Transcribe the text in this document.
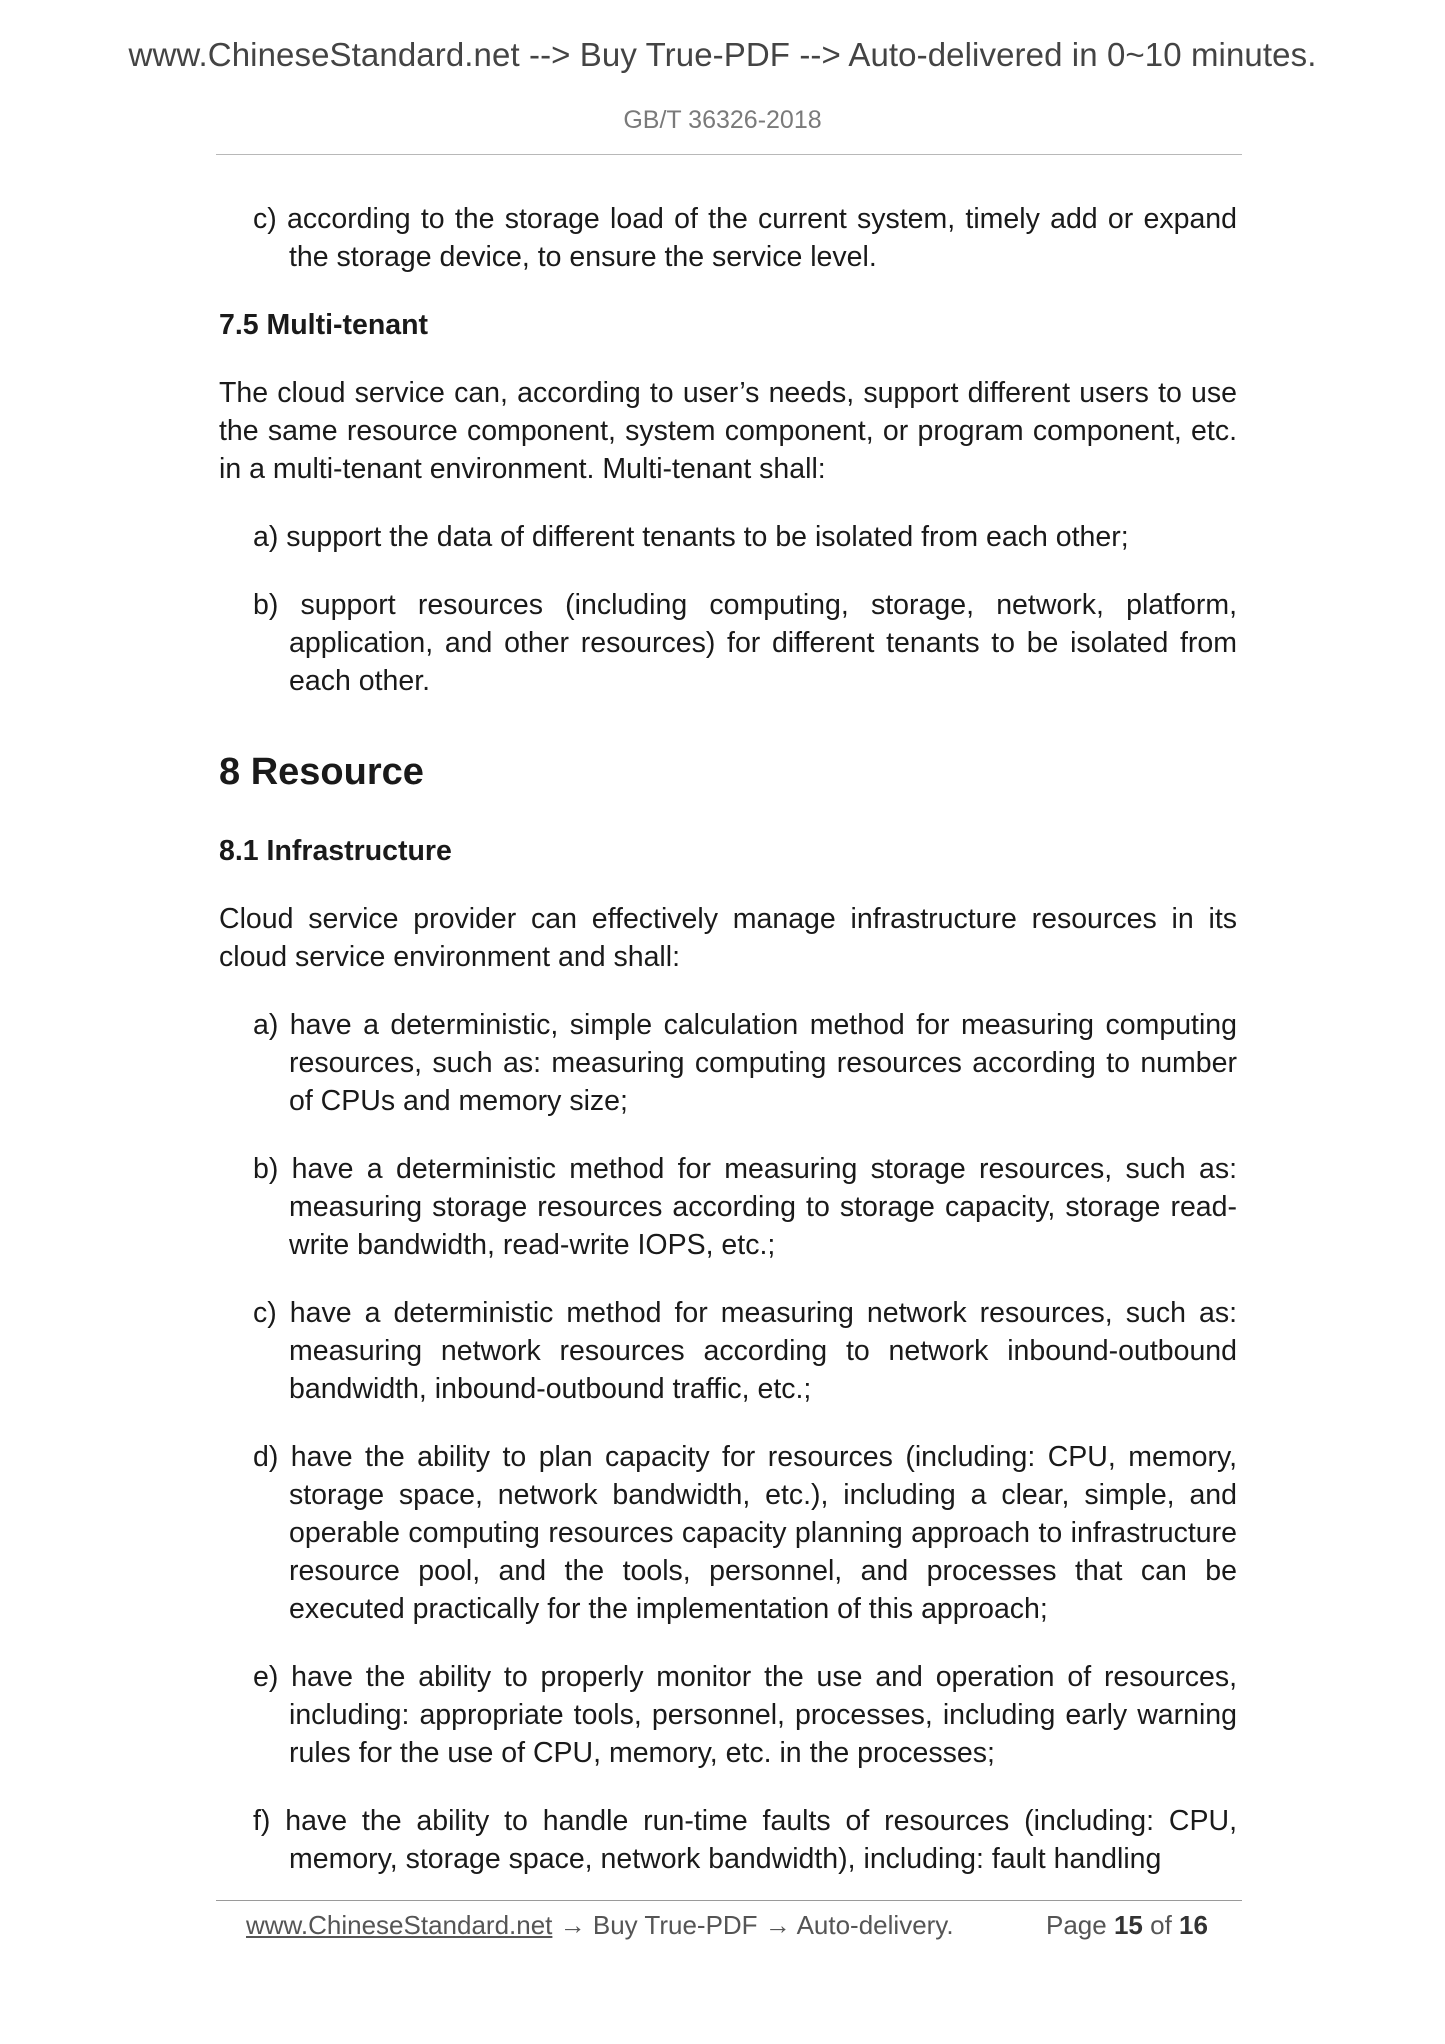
www.ChineseStandard.net --> Buy True-PDF --> Auto-delivered in 0~10 minutes.
GB/T 36326-2018
c) according to the storage load of the current system, timely add or expand the storage device, to ensure the service level.
7.5 Multi-tenant
The cloud service can, according to user’s needs, support different users to use the same resource component, system component, or program component, etc. in a multi-tenant environment. Multi-tenant shall:
a) support the data of different tenants to be isolated from each other;
b) support resources (including computing, storage, network, platform, application, and other resources) for different tenants to be isolated from each other.
8 Resource
8.1 Infrastructure
Cloud service provider can effectively manage infrastructure resources in its cloud service environment and shall:
a) have a deterministic, simple calculation method for measuring computing resources, such as: measuring computing resources according to number of CPUs and memory size;
b) have a deterministic method for measuring storage resources, such as: measuring storage resources according to storage capacity, storage read-write bandwidth, read-write IOPS, etc.;
c) have a deterministic method for measuring network resources, such as: measuring network resources according to network inbound-outbound bandwidth, inbound-outbound traffic, etc.;
d) have the ability to plan capacity for resources (including: CPU, memory, storage space, network bandwidth, etc.), including a clear, simple, and operable computing resources capacity planning approach to infrastructure resource pool, and the tools, personnel, and processes that can be executed practically for the implementation of this approach;
e) have the ability to properly monitor the use and operation of resources, including: appropriate tools, personnel, processes, including early warning rules for the use of CPU, memory, etc. in the processes;
f) have the ability to handle run-time faults of resources (including: CPU, memory, storage space, network bandwidth), including: fault handling
www.ChineseStandard.net → Buy True-PDF → Auto-delivery.	Page 15 of 16
